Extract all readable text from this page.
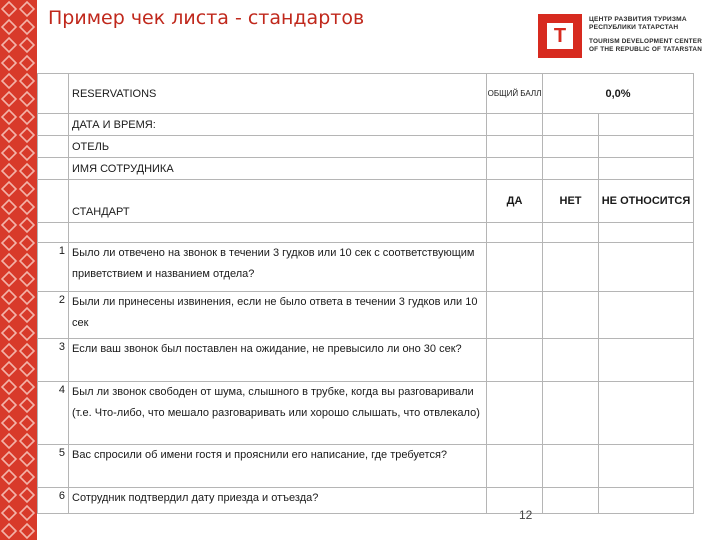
Пример чек листа - стандартов
T
ЦЕНТР РАЗВИТИЯ ТУРИЗМА
РЕСПУБЛИКИ ТАТАРСТАН
TOURISM DEVELOPMENT CENTER
OF THE REPUBLIC OF TATARSTAN
	RESERVATIONS	ОБЩИЙ БАЛЛ	0,0%	
	ДАТА И ВРЕМЯ:			
	ОТЕЛЬ			
	ИМЯ СОТРУДНИКА			
	СТАНДАРТ	ДА	НЕТ	НЕ ОТНОСИТСЯ

1	Было ли отвечено на звонок в течении 3 гудков или 10 сек с соответствующим приветствием и названием отдела?			
2	Были ли принесены извинения, если не было ответа в течении 3 гудков или 10 сек			
3	Если ваш звонок был поставлен на ожидание, не превысило ли оно 30 сек?			
4	Был ли звонок свободен от шума, слышного в трубке, когда вы разговаривали (т.е. Что-либо, что мешало разговаривать или хорошо слышать, что отвлекало)			
5	Вас спросили об имени гостя и прояснили его написание, где требуется?			
6	Сотрудник подтвердил дату приезда и отъезда?			
12
